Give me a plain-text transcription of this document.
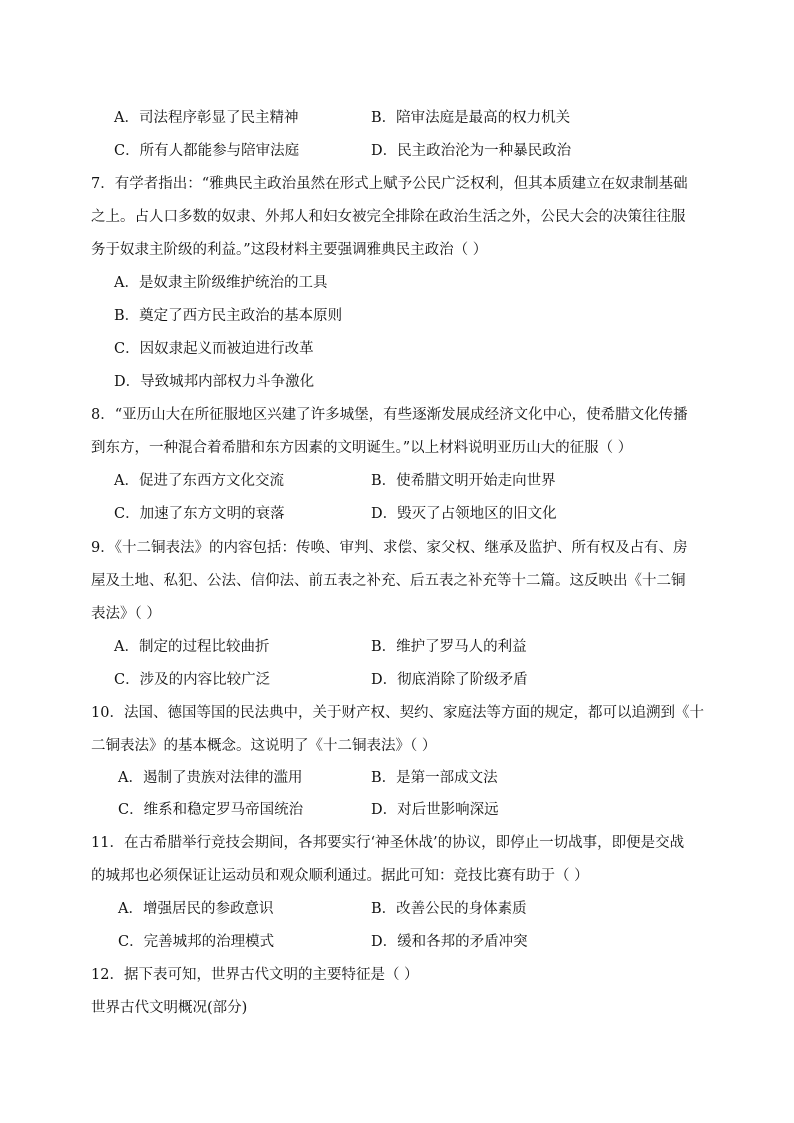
A．司法程序彰显了民主精神	B．陪审法庭是最高的权力机关
C．所有人都能参与陪审法庭	D．民主政治沦为一种暴民政治
7．有学者指出：“雅典民主政治虽然在形式上赋予公民广泛权利，但其本质建立在奴隶制基础
之上。占人口多数的奴隶、外邦人和妇女被完全排除在政治生活之外，公民大会的决策往往服
务于奴隶主阶级的利益。”这段材料主要强调雅典民主政治（ ）
A．是奴隶主阶级维护统治的工具
B．奠定了西方民主政治的基本原则
C．因奴隶起义而被迫进行改革
D．导致城邦内部权力斗争激化
8．“亚历山大在所征服地区兴建了许多城堡，有些逐渐发展成经济文化中心，使希腊文化传播
到东方，一种混合着希腊和东方因素的文明诞生。”以上材料说明亚历山大的征服（ ）
A．促进了东西方文化交流	B．使希腊文明开始走向世界
C．加速了东方文明的衰落	D．毁灭了占领地区的旧文化
9．《十二铜表法》的内容包括：传唤、审判、求偿、家父权、继承及监护、所有权及占有、房
屋及土地、私犯、公法、信仰法、前五表之补充、后五表之补充等十二篇。这反映出《十二铜
表法》（ ）
A．制定的过程比较曲折	B．维护了罗马人的利益
C．涉及的内容比较广泛	D．彻底消除了阶级矛盾
10．法国、德国等国的民法典中，关于财产权、契约、家庭法等方面的规定，都可以追溯到《十
二铜表法》的基本概念。这说明了《十二铜表法》（ ）
A．遏制了贵族对法律的滥用	B．是第一部成文法
C．维系和稳定罗马帝国统治	D．对后世影响深远
11．在古希腊举行竞技会期间，各邦要实行‘神圣休战’的协议，即停止一切战事，即便是交战
的城邦也必须保证让运动员和观众顺利通过。据此可知：竞技比赛有助于（ ）
A．增强居民的参政意识	B．改善公民的身体素质
C．完善城邦的治理模式	D．缓和各邦的矛盾冲突
12．据下表可知，世界古代文明的主要特征是（ ）
世界古代文明概况(部分)
